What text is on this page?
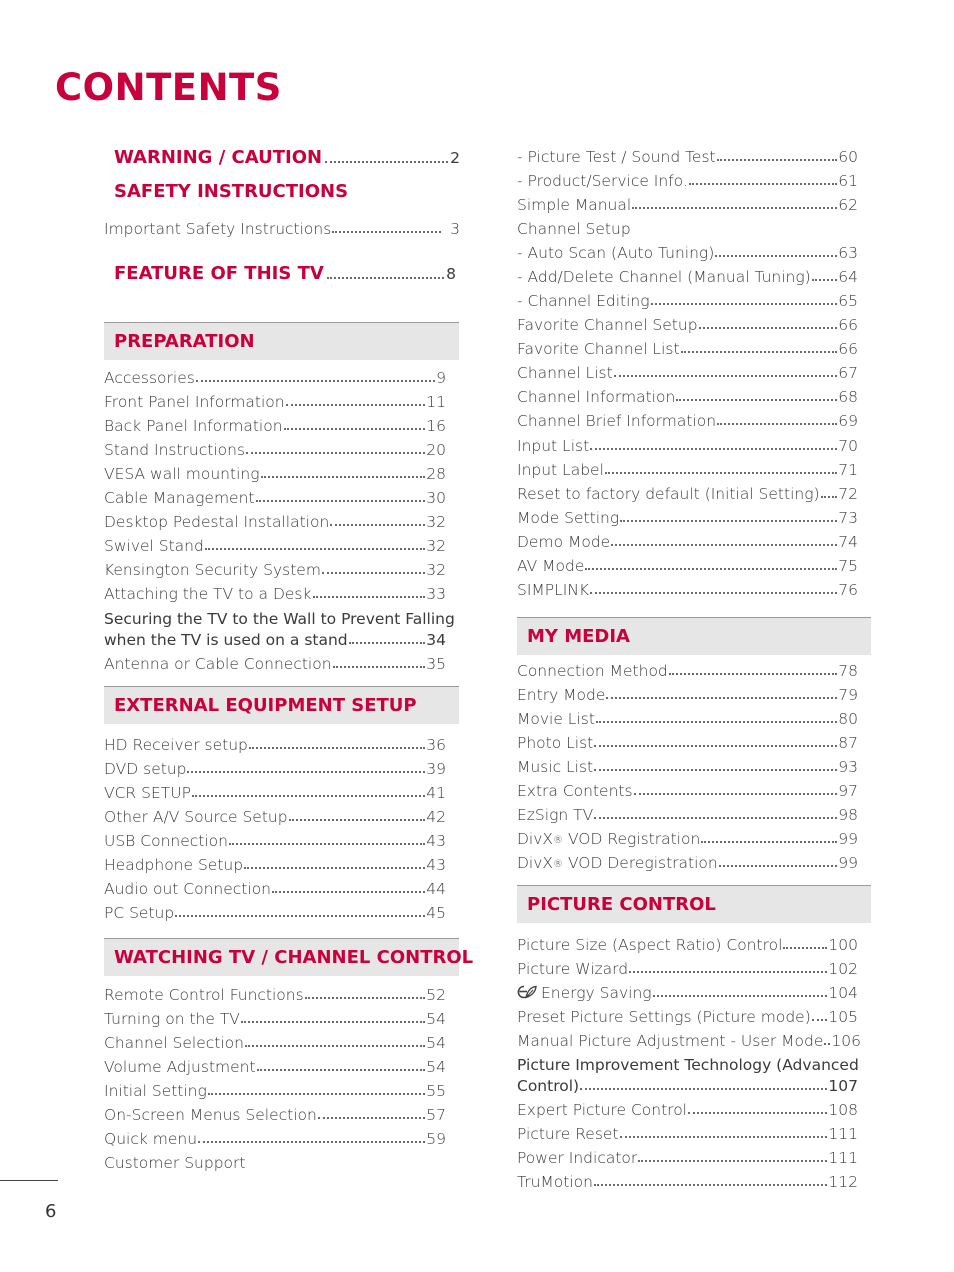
CONTENTS
WARNING / CAUTION	2
SAFETY INSTRUCTIONS
Important Safety Instructions	3
FEATURE OF THIS TV	8
PREPARATION
Accessories	9
Front Panel Information	11
Back Panel Information	16
Stand Instructions	20
VESA wall mounting	28
Cable Management	30
Desktop Pedestal Installation	32
Swivel Stand	32
Kensington Security System	32
Attaching the TV to a Desk	33
Securing the TV to the Wall to Prevent Falling
when the TV is used on a stand	34
Antenna or Cable Connection	35
EXTERNAL EQUIPMENT SETUP
HD Receiver setup	36
DVD setup	39
VCR SETUP	41
Other A/V Source Setup	42
USB Connection	43
Headphone Setup	43
Audio out Connection	44
PC Setup	45
WATCHING TV / CHANNEL CONTROL
Remote Control Functions	52
Turning on the TV	54
Channel Selection	54
Volume Adjustment	54
Initial Setting	55
On-Screen Menus Selection	57
Quick menu	59
Customer Support
- Picture Test / Sound Test	60
- Product/Service Info.	61
Simple Manual	62
Channel Setup
- Auto Scan (Auto Tuning)	63
- Add/Delete Channel (Manual Tuning) 64
- Channel Editing	65
Favorite Channel Setup	66
Favorite Channel List	66
Channel List	67
Channel Information	68
Channel Brief Information	69
Input List	70
Input Label	71
Reset to factory default (Initial Setting) 72
Mode Setting	73
Demo Mode	74
AV Mode	75
SIMPLINK	76
MY MEDIA
Connection Method	78
Entry Mode	79
Movie List	80
Photo List	87
Music List	93
Extra Contents	97
EzSign TV	98
DivX® VOD Registration	99
DivX® VOD Deregistration	99
PICTURE CONTROL
Picture Size (Aspect Ratio) Control	100
Picture Wizard	102
Energy Saving	104
Preset Picture Settings (Picture mode) 105
Manual Picture Adjustment - User Mode 106
Picture Improvement Technology (Advanced
Control)	107
Expert Picture Control	108
Picture Reset	111
Power Indicator	111
TruMotion	112
6
